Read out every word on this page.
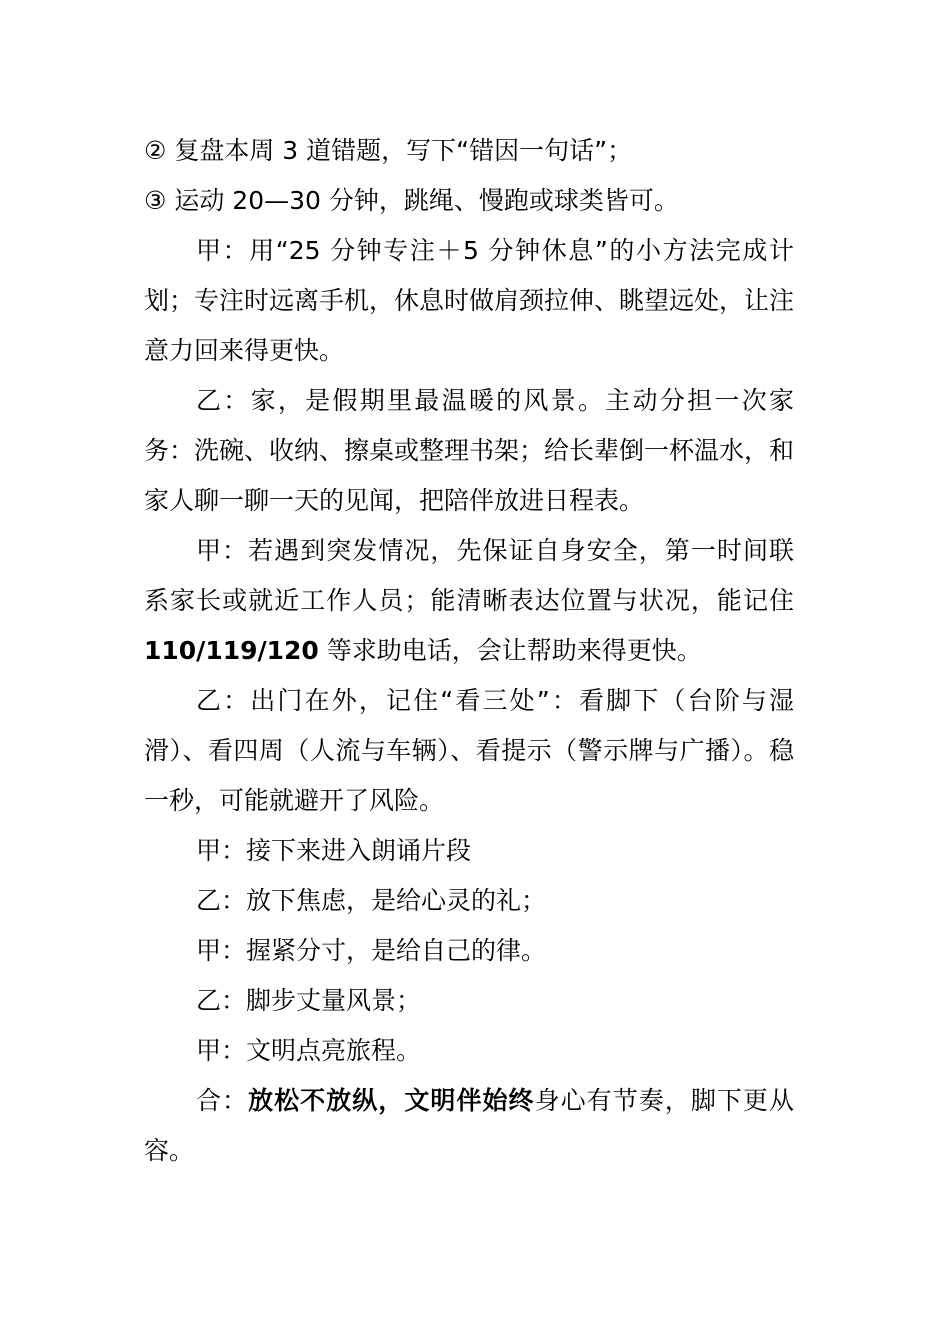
② 复盘本周 3 道错题，写下“错因一句话”；

③ 运动 20—30 分钟，跳绳、慢跑或球类皆可。

甲：用“25 分钟专注＋5 分钟休息”的小方法完成计划；专注时远离手机，休息时做肩颈拉伸、眺望远处，让注意力回来得更快。

乙：家，是假期里最温暖的风景。主动分担一次家务：洗碗、收纳、擦桌或整理书架；给长辈倒一杯温水，和家人聊一聊一天的见闻，把陪伴放进日程表。

甲：若遇到突发情况，先保证自身安全，第一时间联系家长或就近工作人员；能清晰表达位置与状况，能记住110/119/120 等求助电话，会让帮助来得更快。

乙：出门在外，记住“看三处”：看脚下（台阶与湿滑）、看四周（人流与车辆）、看提示（警示牌与广播）。稳一秒，可能就避开了风险。

甲：接下来进入朗诵片段

乙：放下焦虑，是给心灵的礼；

甲：握紧分寸，是给自己的律。

乙：脚步丈量风景；

甲：文明点亮旅程。

合：放松不放纵，文明伴始终身心有节奏，脚下更从容。
